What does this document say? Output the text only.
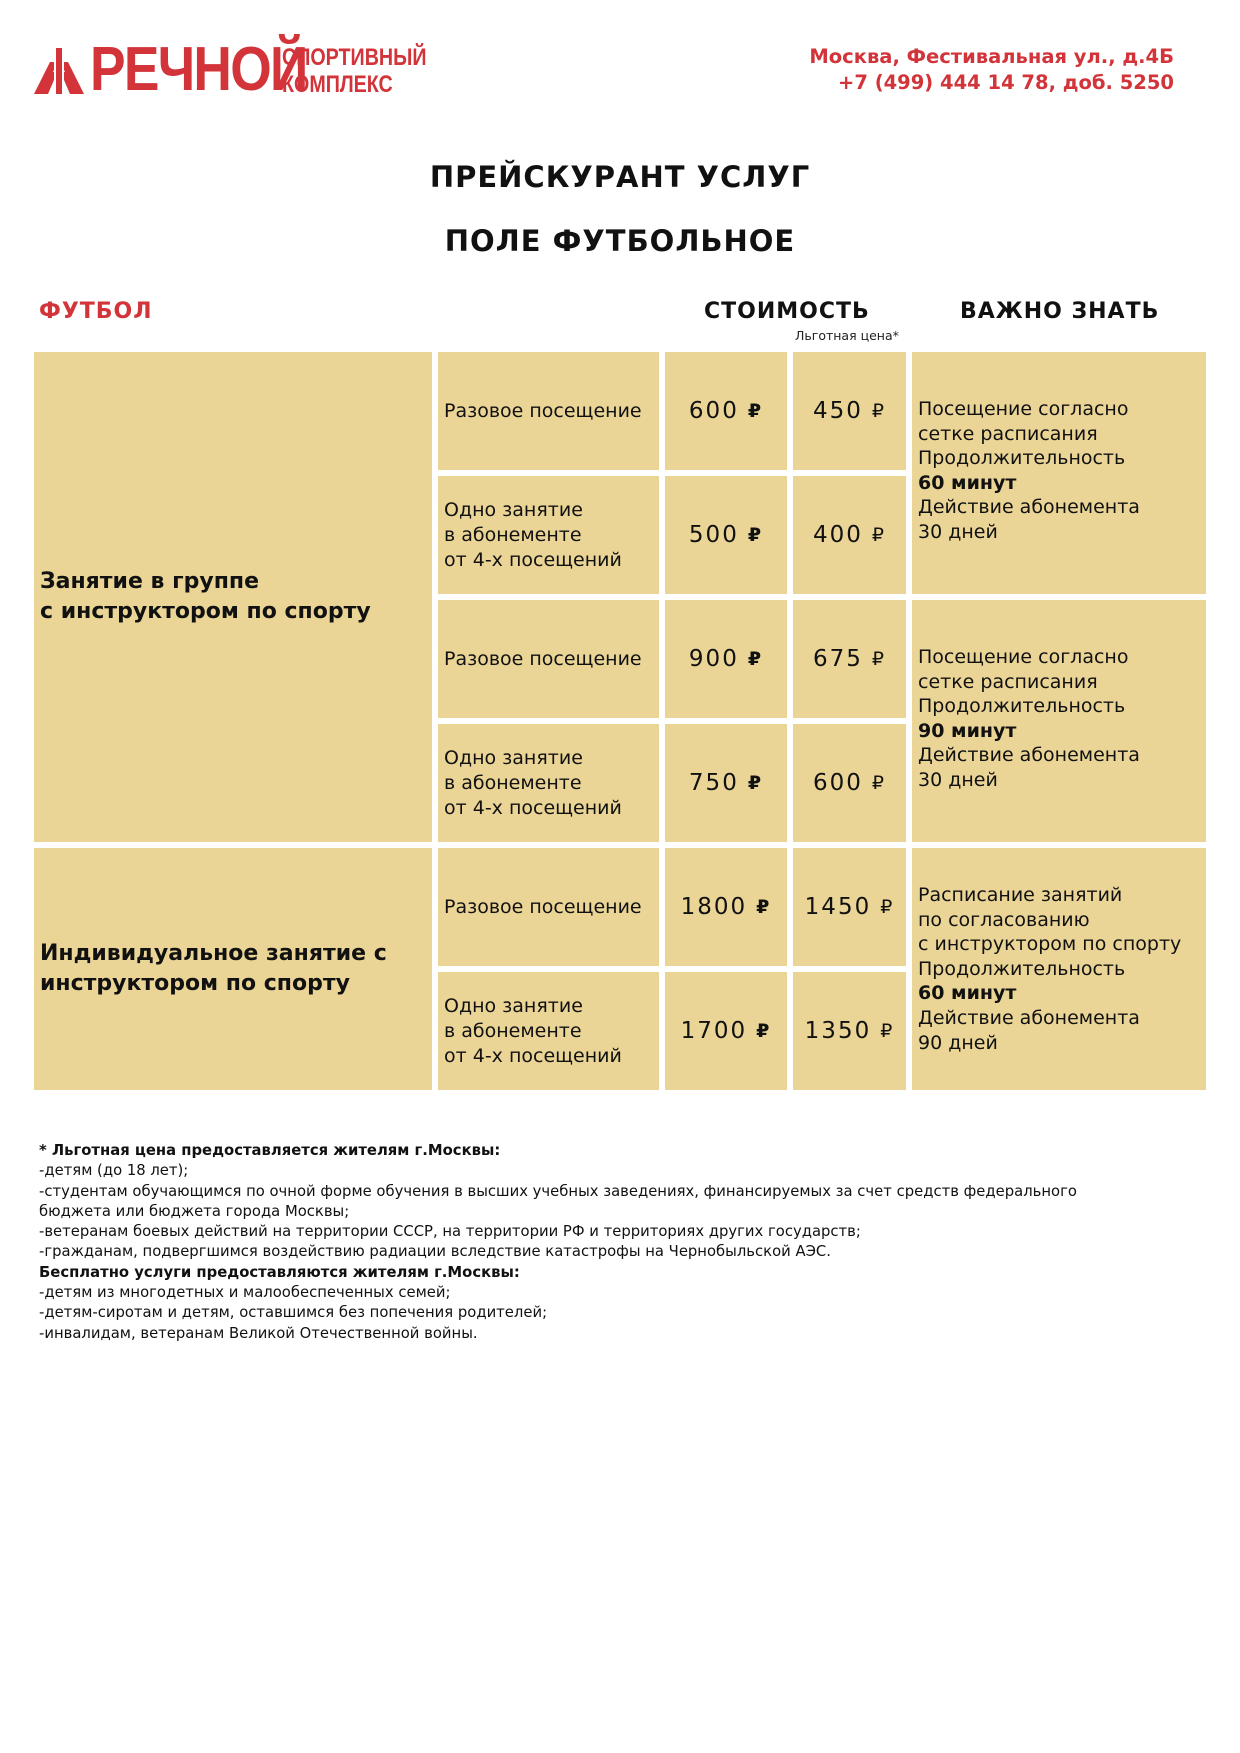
РЕЧНОЙ
СПОРТИВНЫЙ
КОМПЛЕКС
Москва, Фестивальная ул., д.4Б
+7 (499) 444 14 78, доб. 5250
ПРЕЙСКУРАНТ УСЛУГ
ПОЛЕ ФУТБОЛЬНОЕ
ФУТБОЛ	СТОИМОСТЬ	ВАЖНО ЗНАТЬ
Льготная цена*
Занятие в группе
с инструктором по спорту
Разовое посещение 600 ₽ 450 ₽
Одно занятие
в абонементе
от 4-х посещений
500 ₽ 400 ₽
Посещение согласно
сетке расписания
Продолжительность
60 минут
Действие абонемента
30 дней
Разовое посещение 900 ₽ 675 ₽
Одно занятие
в абонементе
от 4-х посещений
750 ₽ 600 ₽
Посещение согласно
сетке расписания
Продолжительность
90 минут
Действие абонемента
30 дней
Индивидуальное занятие с
инструктором по спорту
Разовое посещение 1800 ₽ 1450 ₽
Одно занятие
в абонементе
от 4-х посещений
1700 ₽ 1350 ₽
Расписание занятий
по согласованию
с инструктором по спорту
Продолжительность
60 минут
Действие абонемента
90 дней
* Льготная цена предоставляется жителям г.Москвы:
-детям (до 18 лет);
-студентам обучающимся по очной форме обучения в высших учебных заведениях, финансируемых за счет средств федерального
бюджета или бюджета города Москвы;
-ветеранам боевых действий на территории СССР, на территории РФ и территориях других государств;
-гражданам, подвергшимся воздействию радиации вследствие катастрофы на Чернобыльской АЭС.
Бесплатно услуги предоставляются жителям г.Москвы:
-детям из многодетных и малообеспеченных семей;
-детям-сиротам и детям, оставшимся без попечения родителей;
-инвалидам, ветеранам Великой Отечественной войны.
